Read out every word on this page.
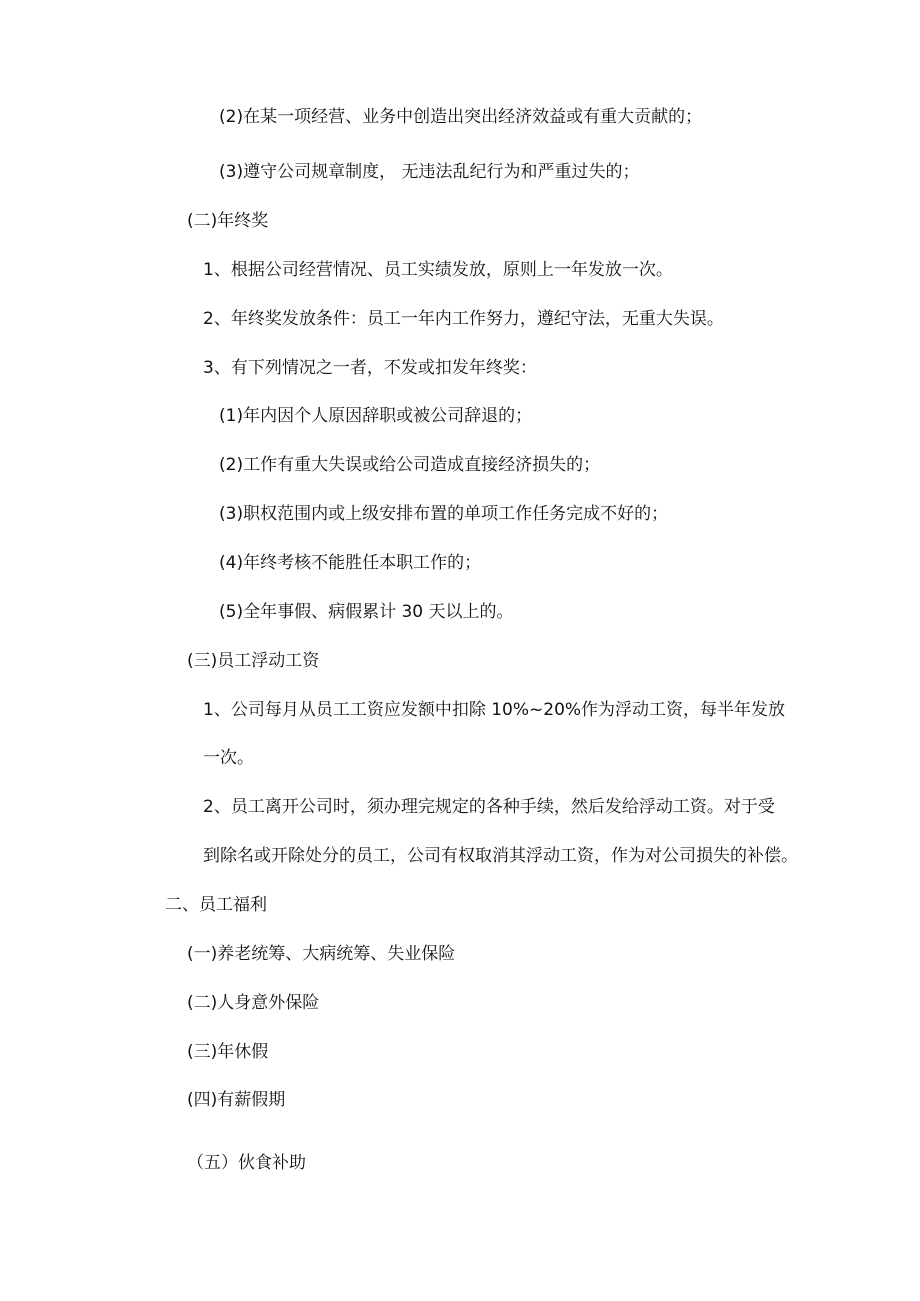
(2)在某一项经营、业务中创造出突出经济效益或有重大贡献的；
(3)遵守公司规章制度， 无违法乱纪行为和严重过失的；
(二)年终奖
1、根据公司经营情况、员工实绩发放，原则上一年发放一次。
2、年终奖发放条件：员工一年内工作努力，遵纪守法，无重大失误。
3、有下列情况之一者，不发或扣发年终奖：
(1)年内因个人原因辞职或被公司辞退的；
(2)工作有重大失误或给公司造成直接经济损失的；
(3)职权范围内或上级安排布置的单项工作任务完成不好的；
(4)年终考核不能胜任本职工作的；
(5)全年事假、病假累计 30 天以上的。
(三)员工浮动工资
1、公司每月从员工工资应发额中扣除 10%~20%作为浮动工资，每半年发放
一次。
2、员工离开公司时，须办理完规定的各种手续，然后发给浮动工资。对于受
到除名或开除处分的员工，公司有权取消其浮动工资，作为对公司损失的补偿。
二、员工福利
(一)养老统筹、大病统筹、失业保险
(二)人身意外保险
(三)年休假
(四)有薪假期
（五）伙食补助
